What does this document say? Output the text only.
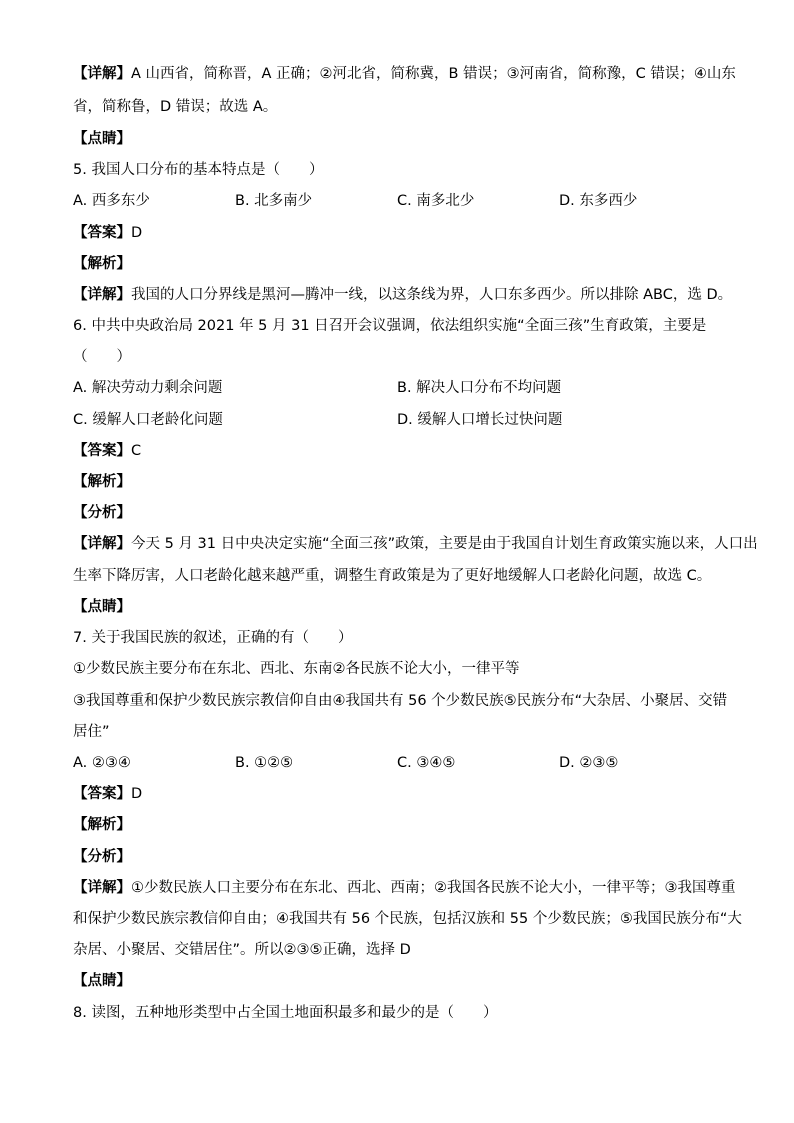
【详解】A 山西省，简称晋，A 正确；②河北省，简称冀，B 错误；③河南省，简称豫，C 错误；④山东
省，简称鲁，D 错误；故选 A。
【点睛】
5. 我国人口分布的基本特点是（　　）
A. 西多东少	B. 北多南少	C. 南多北少	D. 东多西少
【答案】D
【解析】
【详解】我国的人口分界线是黑河—腾冲一线，以这条线为界，人口东多西少。所以排除 ABC，选 D。
6. 中共中央政治局 2021 年 5 月 31 日召开会议强调，依法组织实施“全面三孩”生育政策，主要是
（　　）
A. 解决劳动力剩余问题	B. 解决人口分布不均问题
C. 缓解人口老龄化问题	D. 缓解人口增长过快问题
【答案】C
【解析】
【分析】
【详解】今天 5 月 31 日中央决定实施“全面三孩”政策，主要是由于我国自计划生育政策实施以来，人口出
生率下降厉害，人口老龄化越来越严重，调整生育政策是为了更好地缓解人口老龄化问题，故选 C。
【点睛】
7. 关于我国民族的叙述，正确的有（　　）
①少数民族主要分布在东北、西北、东南②各民族不论大小，一律平等
③我国尊重和保护少数民族宗教信仰自由④我国共有 56 个少数民族⑤民族分布“大杂居、小聚居、交错
居住”
A. ②③④	B. ①②⑤	C. ③④⑤	D. ②③⑤
【答案】D
【解析】
【分析】
【详解】①少数民族人口主要分布在东北、西北、西南；②我国各民族不论大小，一律平等；③我国尊重
和保护少数民族宗教信仰自由；④我国共有 56 个民族，包括汉族和 55 个少数民族；⑤我国民族分布“大
杂居、小聚居、交错居住”。所以②③⑤正确，选择 D
【点睛】
8. 读图，五种地形类型中占全国土地面积最多和最少的是（　　）
